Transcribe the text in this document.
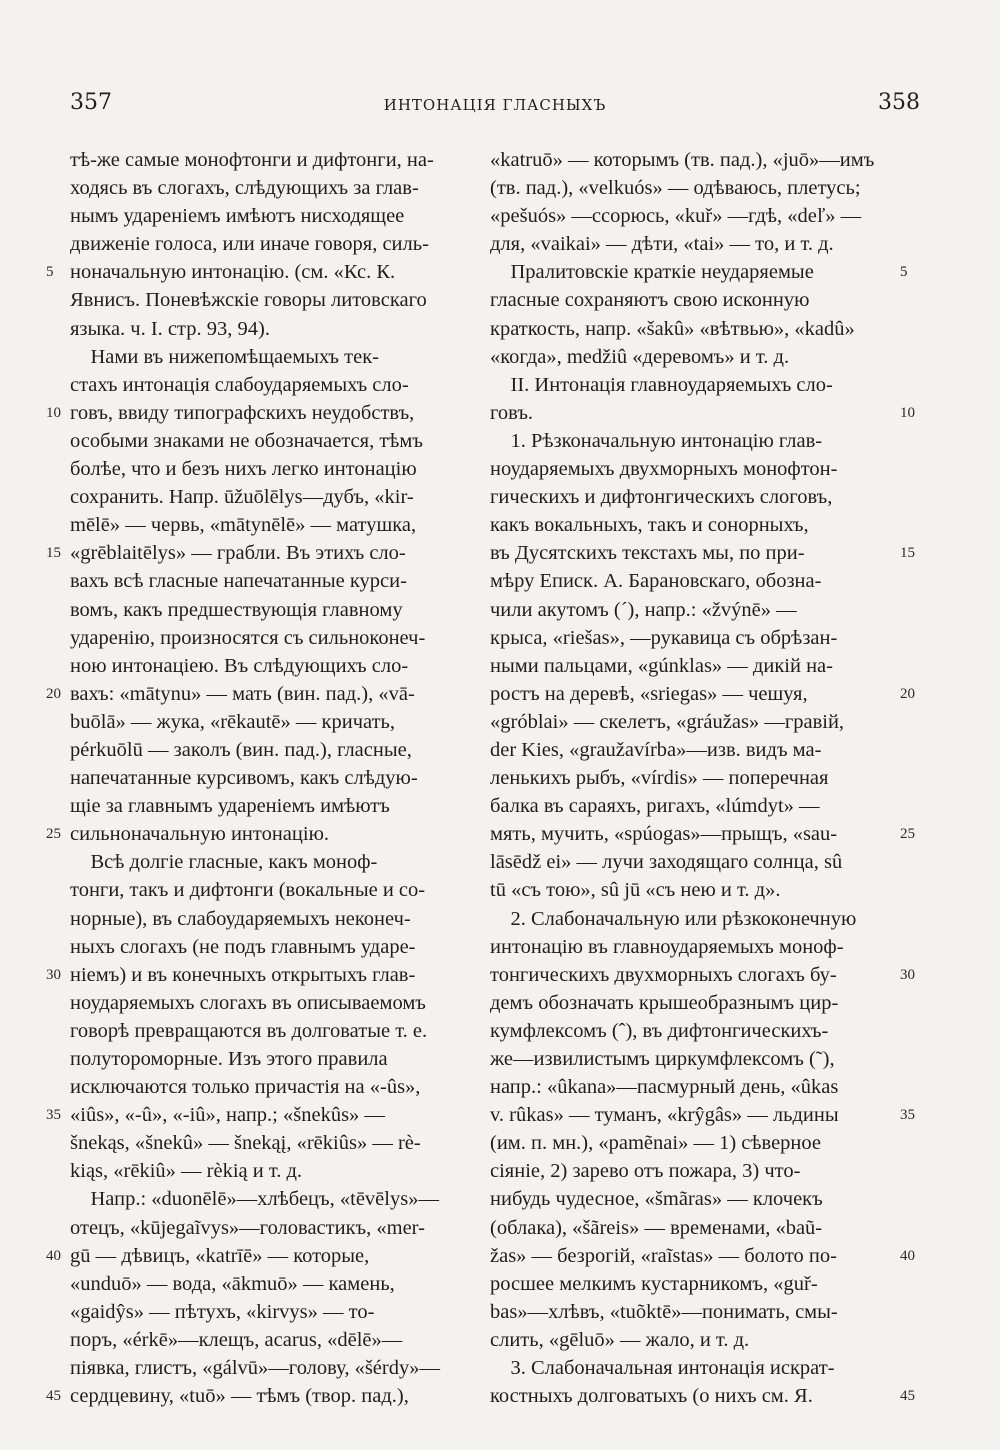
357	ИНТОНАЦІЯ ГЛАСНЫХЪ	358
тѣ-же самые монофтонги и дифтонги, на-
ходясь въ слогахъ, слѣдующихъ за глав-
нымъ удареніемъ имѣютъ нисходящее
движеніе голоса, или иначе говоря, силь-
ноначальную интонацію. (см. «Кс. К.
Явнисъ. Поневѣжскіе говоры литовскаго
языка. ч. I. стр. 93, 94).
Нами въ нижепомѣщаемыхъ тек-
стахъ интонація слабоударяемыхъ сло-
говъ, ввиду типографскихъ неудобствъ,
особыми знаками не обозначается, тѣмъ
болѣе, что и безъ нихъ легко интонацію
сохранить. Напр. ūžuōlēlys—дубъ, «kir-
mēlē» — червь, «mātynēlē» — матушка,
«grēblaitēlys» — грабли. Въ этихъ сло-
вахъ всѣ гласные напечатанные курси-
вомъ, какъ предшествующія главному
ударенію, произносятся съ сильноконеч-
ною интонаціею. Въ слѣдующихъ сло-
вахъ: «mātynu» — мать (вин. пад.), «vā-
buōlā» — жука, «rēkautē» — кричать,
pérkuōlū — заколъ (вин. пад.), гласные,
напечатанные курсивомъ, какъ слѣдую-
щіе за главнымъ удареніемъ имѣютъ
сильноначальную интонацію.
Всѣ долгіе гласные, какъ моноф-
тонги, такъ и дифтонги (вокальные и со-
норные), въ слабоударяемыхъ неконеч-
ныхъ слогахъ (не подъ главнымъ ударе-
ніемъ) и въ конечныхъ открытыхъ глав-
ноударяемыхъ слогахъ въ описываемомъ
говорѣ превращаются въ долговатые т. е.
полутороморные. Изъ этого правила
исключаются только причастія на «-ûs»,
«iûs», «-û», «-iû», напр.; «šnekûs» —
šnekąs, «šnekû» — šnekąį, «rēkiûs» — rè-
kiąs, «rēkiû» — rèkią и т. д.
Напр.: «duonēlē»—хлѣбецъ, «tēvēlys»—
отецъ, «kūjegaĩvys»—головастикъ, «mer-
gū — дѣвицъ, «katrīē» — которые,
«unduō» — вода, «ākmuō» — камень,
«gaidŷs» — пѣтухъ, «kirvys» — то-
поръ, «érkē»—клещъ, acarus, «dēlē»—
піявка, глистъ, «gálvū»—голову, «šérdy»—
сердцевину, «tuō» — тѣмъ (твор. пад.),
«katruō» — которымъ (тв. пад.), «juō»—имъ
(тв. пад.), «velkuós» — одѣваюсь, плетусь;
«pešuós» —ссорюсь, «kuř» —гдѣ, «deľ» —
для, «vaikai» — дѣти, «tai» — то, и т. д.
Пралитовскіе краткіе неударяемые
гласные сохраняютъ свою исконную
краткость, напр. «šakû» «вѣтвью», «kadû»
«когда», medžiû «деревомъ» и т. д.
II. Интонація главноударяемыхъ сло-
говъ.
1. Рѣзконачальную интонацію глав-
ноударяемыхъ двухморныхъ монофтон-
гическихъ и дифтонгическихъ слоговъ,
какъ вокальныхъ, такъ и сонорныхъ,
въ Дусятскихъ текстахъ мы, по при-
мѣру Еписк. А. Барановскаго, обозна-
чили акутомъ (´), напр.: «žvýnē» —
крыса, «riešas», —рукавица съ обрѣзан-
ными пальцами, «gúnklas» — дикій на-
ростъ на деревѣ, «sriegas» — чешуя,
«gróblai» — скелетъ, «gráužas» —гравій,
der Kies, «graužavírba»—изв. видъ ма-
ленькихъ рыбъ, «vírdis» — поперечная
балка въ сараяхъ, ригахъ, «lúmdyt» —
мять, мучить, «spúogas»—прыщъ, «sau-
lāsēdž ei» — лучи заходящаго солнца, sû
tū «съ тою», sû jū «съ нею и т. д».
2. Слабоначальную или рѣзкоконечную
интонацію въ главноударяемыхъ моноф-
тонгическихъ двухморныхъ слогахъ бу-
демъ обозначать крышеобразнымъ цир-
кумфлексомъ (ˆ), въ дифтонгическихъ-
же—извилистымъ циркумфлексомъ (˜),
напр.: «ûkana»—пасмурный день, «ûkas
v. rûkas» — туманъ, «krŷgâs» — льдины
(им. п. мн.), «pamẽnai» — 1) сѣверное
сіяніе, 2) зарево отъ пожара, 3) что-
нибудь чудесное, «šmãras» — клочекъ
(облака), «šãreis» — временами, «baũ-
žas» — безрогій, «raĩstas» — болото по-
росшее мелкимъ кустарникомъ, «guř-
bas»—хлѣвъ, «tuõktē»—понимать, смы-
слить, «gēluō» — жало, и т. д.
3. Слабоначальная интонація искрат-
костныхъ долговатыхъ (о нихъ см. Я.
5
10
15
20
25
30
35
40
45
5
10
15
20
25
30
35
40
45
